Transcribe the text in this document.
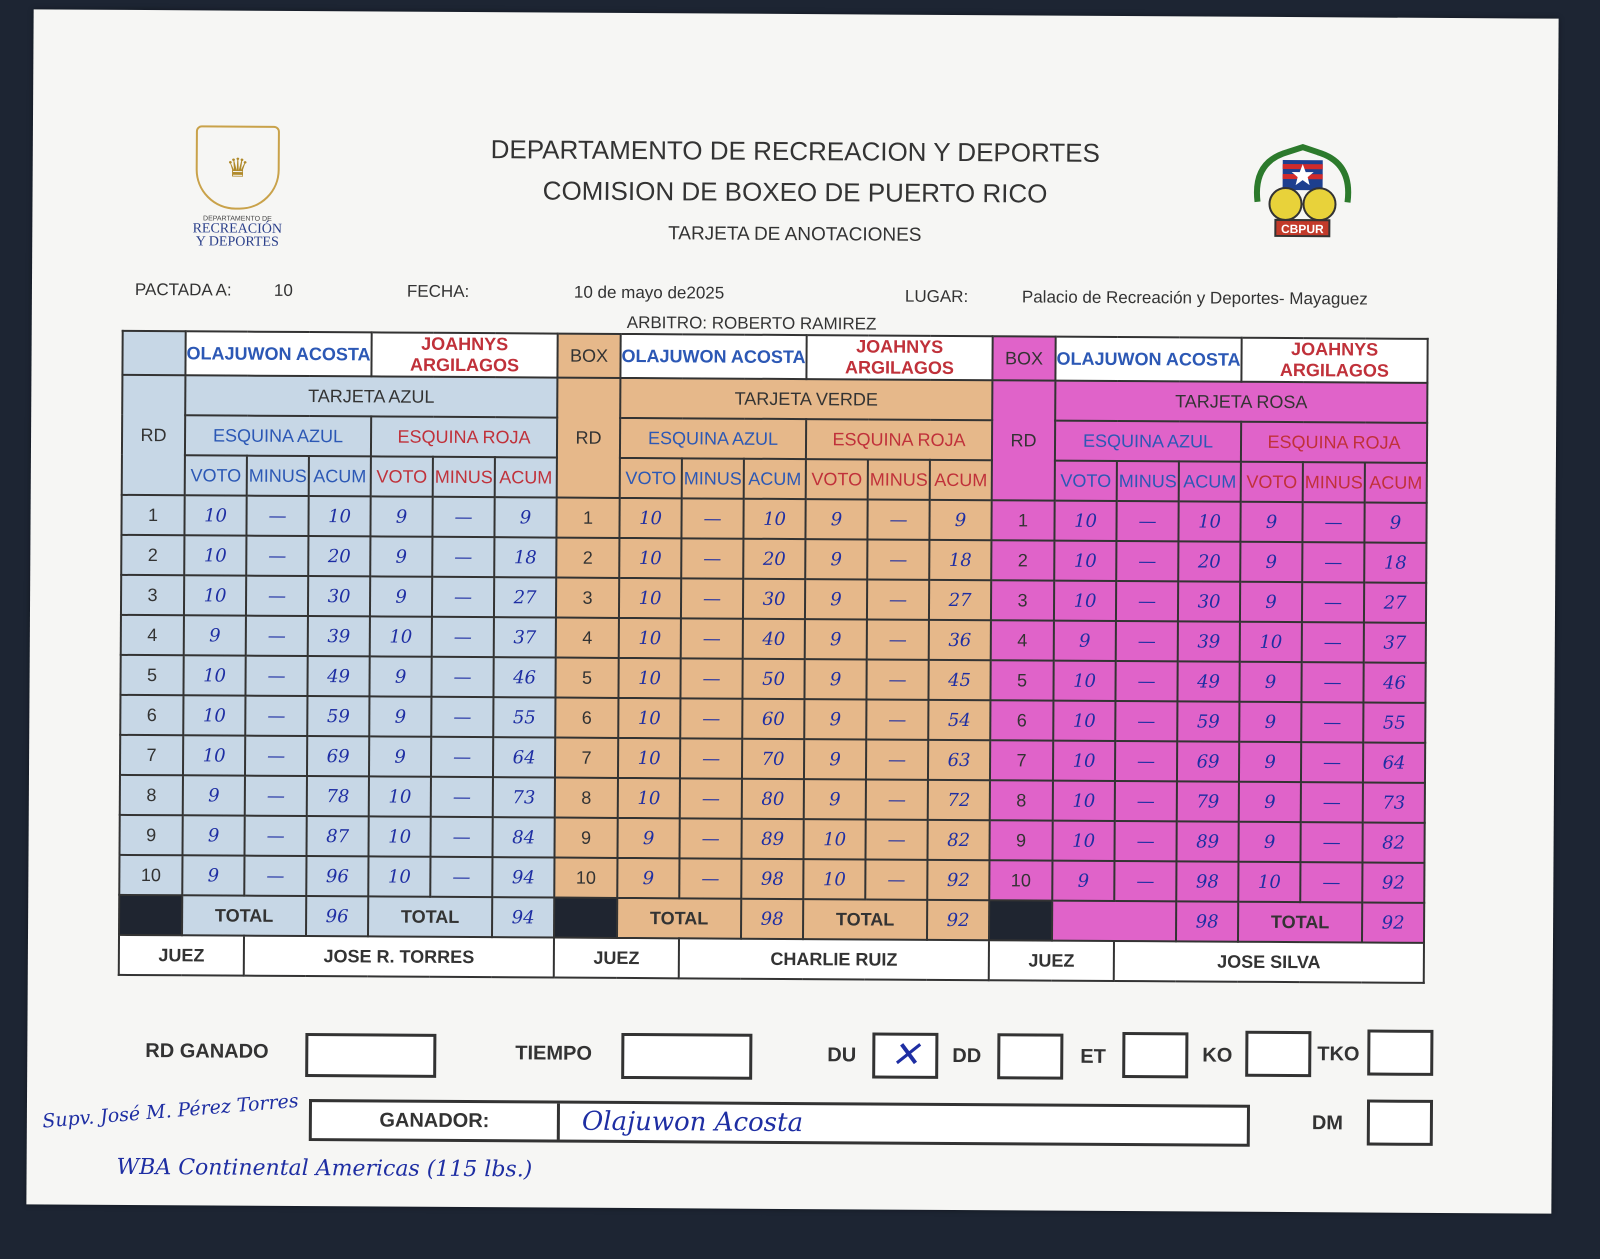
♛
DEPARTAMENTO DE
RECREACIÓN
Y DEPORTES
CBPUR
DEPARTAMENTO DE RECREACION Y DEPORTES
COMISION DE BOXEO DE PUERTO RICO
TARJETA DE ANOTACIONES
PACTADA A: 10	FECHA:	10 de mayo de2025	LUGAR:	Palacio de Recreación y Deportes- Mayaguez
ARBITRO: ROBERTO RAMIREZ
	OLAJUWON ACOSTA			JOAHNYS ARGILAGOS			BOX	OLAJUWON ACOSTA			JOAHNYS ARGILAGOS			BOX	OLAJUWON ACOSTA			JOAHNYS ARGILAGOS		
RD	TARJETA AZUL						RD	TARJETA VERDE						RD	TARJETA ROSA					
	ESQUINA AZUL			ESQUINA ROJA				ESQUINA AZUL			ESQUINA ROJA				ESQUINA AZUL			ESQUINA ROJA		
	VOTO	MINUS	ACUM	VOTO	MINUS	ACUM		VOTO	MINUS	ACUM	VOTO	MINUS	ACUM		VOTO	MINUS	ACUM	VOTO	MINUS	ACUM
1	10	—	10	9	—	9	1	10	—	10	9	—	9	1	10	—	10	9	—	9
2	10	—	20	9	—	18	2	10	—	20	9	—	18	2	10	—	20	9	—	18
3	10	—	30	9	—	27	3	10	—	30	9	—	27	3	10	—	30	9	—	27
4	9	—	39	10	—	37	4	10	—	40	9	—	36	4	9	—	39	10	—	37
5	10	—	49	9	—	46	5	10	—	50	9	—	45	5	10	—	49	9	—	46
6	10	—	59	9	—	55	6	10	—	60	9	—	54	6	10	—	59	9	—	55
7	10	—	69	9	—	64	7	10	—	70	9	—	63	7	10	—	69	9	—	64
8	9	—	78	10	—	73	8	10	—	80	9	—	72	8	10	—	79	9	—	73
9	9	—	87	10	—	84	9	9	—	89	10	—	82	9	10	—	89	9	—	82
10	9	—	96	10	—	94	10	9	—	98	10	—	92	10	9	—	98	10	—	92
	TOTAL		96	TOTAL		94		TOTAL		98	TOTAL		92				98	TOTAL		92
JUEZ		JOSE R. TORRES					JUEZ		CHARLIE RUIZ					JUEZ		JOSE SILVA				
RD GANADO	TIEMPO	DU ✕	DD	ET	KO	TKO
GANADOR:	Olajuwon Acosta	DM
Supv. José M. Pérez Torres
WBA Continental Americas (115 lbs.)
